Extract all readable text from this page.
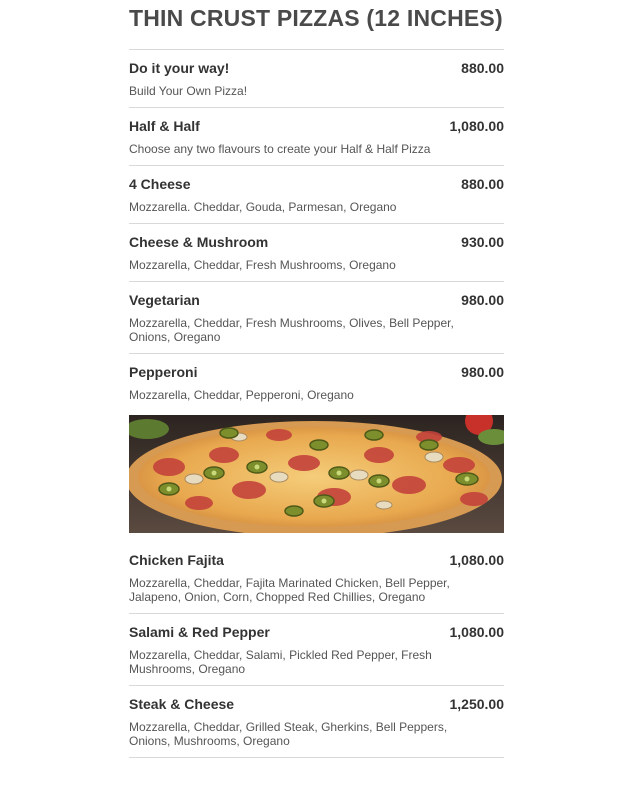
THIN CRUST PIZZAS (12 INCHES)
Do it your way!	880.00
Build Your Own Pizza!
Half & Half	1,080.00
Choose any two flavours to create your Half & Half Pizza
4 Cheese	880.00
Mozzarella. Cheddar, Gouda, Parmesan, Oregano
Cheese & Mushroom	930.00
Mozzarella, Cheddar, Fresh Mushrooms, Oregano
Vegetarian	980.00
Mozzarella, Cheddar, Fresh Mushrooms, Olives, Bell Pepper, Onions, Oregano
Pepperoni	980.00
Mozzarella, Cheddar, Pepperoni, Oregano
Chicken Fajita	1,080.00
Mozzarella, Cheddar, Fajita Marinated Chicken, Bell Pepper, Jalapeno, Onion, Corn, Chopped Red Chillies, Oregano
Salami & Red Pepper	1,080.00
Mozzarella, Cheddar, Salami, Pickled Red Pepper, Fresh Mushrooms, Oregano
Steak & Cheese	1,250.00
Mozzarella, Cheddar, Grilled Steak, Gherkins, Bell Peppers, Onions, Mushrooms, Oregano
